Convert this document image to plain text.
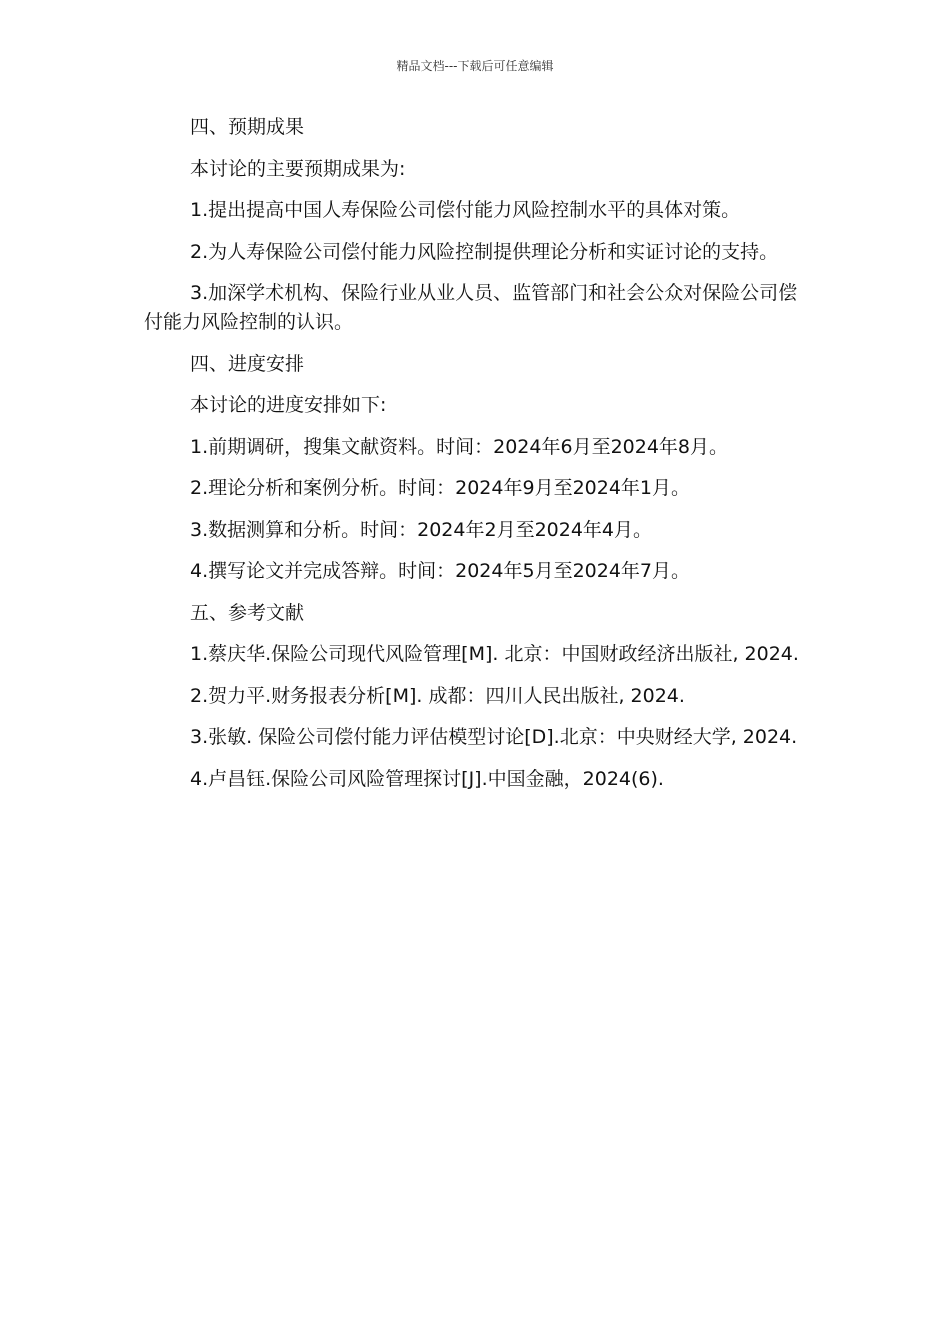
精品文档---下载后可任意编辑

四、预期成果

本讨论的主要预期成果为:

1.提出提高中国人寿保险公司偿付能力风险控制水平的具体对策。

2.为人寿保险公司偿付能力风险控制提供理论分析和实证讨论的支持。

3.加深学术机构、保险行业从业人员、监管部门和社会公众对保险公司偿付能力风险控制的认识。

四、进度安排

本讨论的进度安排如下:

1.前期调研，搜集文献资料。时间：2024年6月至2024年8月。

2.理论分析和案例分析。时间：2024年9月至2024年1月。

3.数据测算和分析。时间：2024年2月至2024年4月。

4.撰写论文并完成答辩。时间：2024年5月至2024年7月。

五、参考文献

1.蔡庆华.保险公司现代风险管理[M]. 北京：中国财政经济出版社, 2024.

2.贺力平.财务报表分析[M]. 成都：四川人民出版社, 2024.

3.张敏. 保险公司偿付能力评估模型讨论[D].北京：中央财经大学, 2024.

4.卢昌钰.保险公司风险管理探讨[J].中国金融，2024(6).
